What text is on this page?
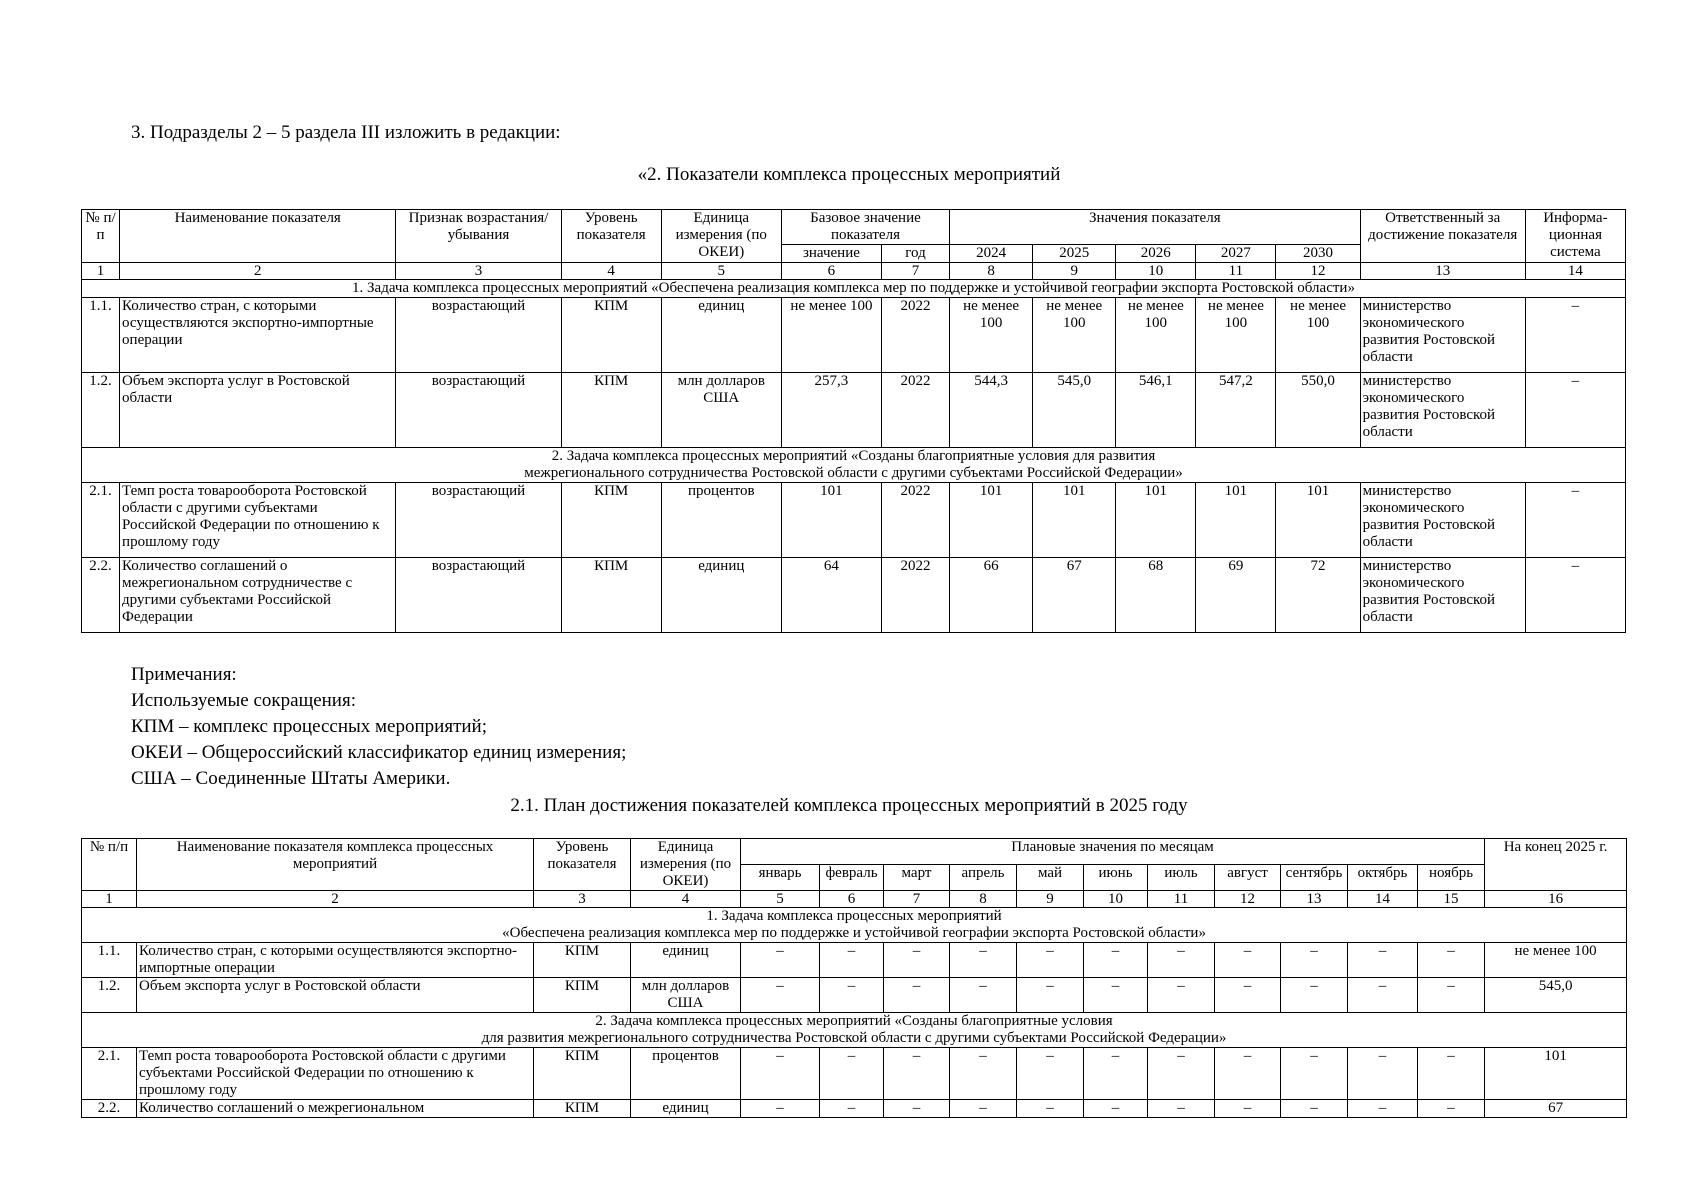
3. Подразделы 2 – 5 раздела III изложить в редакции:
«2. Показатели комплекса процессных мероприятий
№ п/п	Наименование показателя	Признак возрастания/ убывания	Уровень показателя	Единица измерения (по ОКЕИ)	Базовое значение показателя		Значения показателя					Ответственный за достижение показателя	Информа-ционная система
					значение	год	2024	2025	2026	2027	2030		
1	2	3	4	5	6	7	8	9	10	11	12	13	14
1. Задача комплекса процессных мероприятий «Обеспечена реализация комплекса мер по поддержке и устойчивой географии экспорта Ростовской области»													
1.1.	Количество стран, с которыми осуществляются экспортно-импортные операции	возрастающий	КПМ	единиц	не менее 100	2022	не менее 100	не менее 100	не менее 100	не менее 100	не менее 100	министерство экономического развития Ростовской области	–
1.2.	Объем экспорта услуг в Ростовской области	возрастающий	КПМ	млн долларов США	257,3	2022	544,3	545,0	546,1	547,2	550,0	министерство экономического развития Ростовской области	–

2. Задача комплекса процессных мероприятий «Созданы благоприятные условия для развития
межрегионального сотрудничества Ростовской области с другими субъектами Российской Федерации»													

2.1.	Темп роста товарооборота Ростовской области с другими субъектами Российской Федерации по отношению к прошлому году	возрастающий	КПМ	процентов	101	2022	101	101	101	101	101	министерство экономического развития Ростовской области	–
2.2.	Количество соглашений о межрегиональном сотрудничестве с другими субъектами Российской Федерации	возрастающий	КПМ	единиц	64	2022	66	67	68	69	72	министерство экономического развития Ростовской области	–
Примечания:
Используемые сокращения:
КПМ – комплекс процессных мероприятий;
ОКЕИ – Общероссийский классификатор единиц измерения;
США – Соединенные Штаты Америки.
2.1. План достижения показателей комплекса процессных мероприятий в 2025 году
№ п/п	Наименование показателя комплекса процессных мероприятий	Уровень показателя	Единица измерения (по ОКЕИ)	Плановые значения по месяцам											На конец 2025 г.
				январь	февраль	март	апрель	май	июнь	июль	август	сентябрь	октябрь	ноябрь	
1	2	3	4	5	6	7	8	9	10	11	12	13	14	15	16

1. Задача комплекса процессных мероприятий
«Обеспечена реализация комплекса мер по поддержке и устойчивой географии экспорта Ростовской области»															

1.1.	Количество стран, с которыми осуществляются экспортно-импортные операции	КПМ	единиц	–	–	–	–	–	–	–	–	–	–	–	не менее 100
1.2.	Объем экспорта услуг в Ростовской области	КПМ	млн долларов США	–	–	–	–	–	–	–	–	–	–	–	545,0

2. Задача комплекса процессных мероприятий «Созданы благоприятные условия
для развития межрегионального сотрудничества Ростовской области с другими субъектами Российской Федерации»															

2.1.	Темп роста товарооборота Ростовской области с другими субъектами Российской Федерации по отношению к прошлому году	КПМ	процентов	–	–	–	–	–	–	–	–	–	–	–	101
2.2.	Количество соглашений о межрегиональном	КПМ	единиц	–	–	–	–	–	–	–	–	–	–	–	67
